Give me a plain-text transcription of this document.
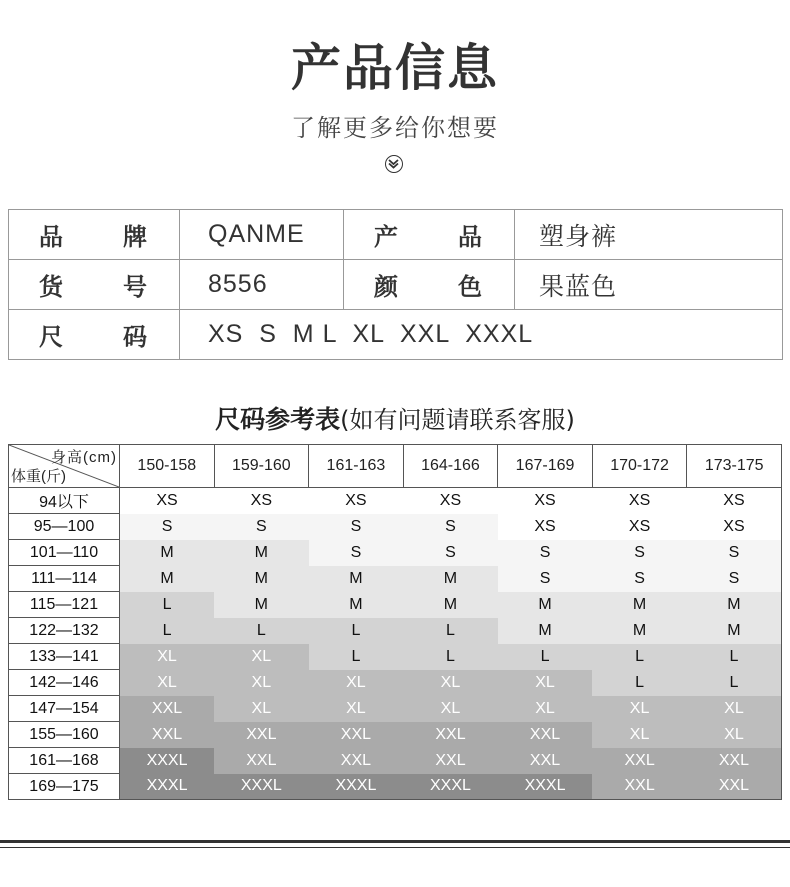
产品信息
了解更多给你想要
品 牌	QANME	产 品	塑身裤
货 号	8556	颜 色	果蓝色
尺 码	XS  S  M L  XL  XXL  XXXL		
尺码参考表(如有问题请联系客服)
身高(cm)
体重(斤)	150-158	159-160	161-163	164-166	167-169	170-172	173-175
94以下	XS	XS	XS	XS	XS	XS	XS
95—100	S	S	S	S	XS	XS	XS
101—110	M	M	S	S	S	S	S
111—114	M	M	M	M	S	S	S
115—121	L	M	M	M	M	M	M
122—132	L	L	L	L	M	M	M
133—141	XL	XL	L	L	L	L	L
142—146	XL	XL	XL	XL	XL	L	L
147—154	XXL	XL	XL	XL	XL	XL	XL
155—160	XXL	XXL	XXL	XXL	XXL	XL	XL
161—168	XXXL	XXL	XXL	XXL	XXL	XXL	XXL
169—175	XXXL	XXXL	XXXL	XXXL	XXXL	XXL	XXL
